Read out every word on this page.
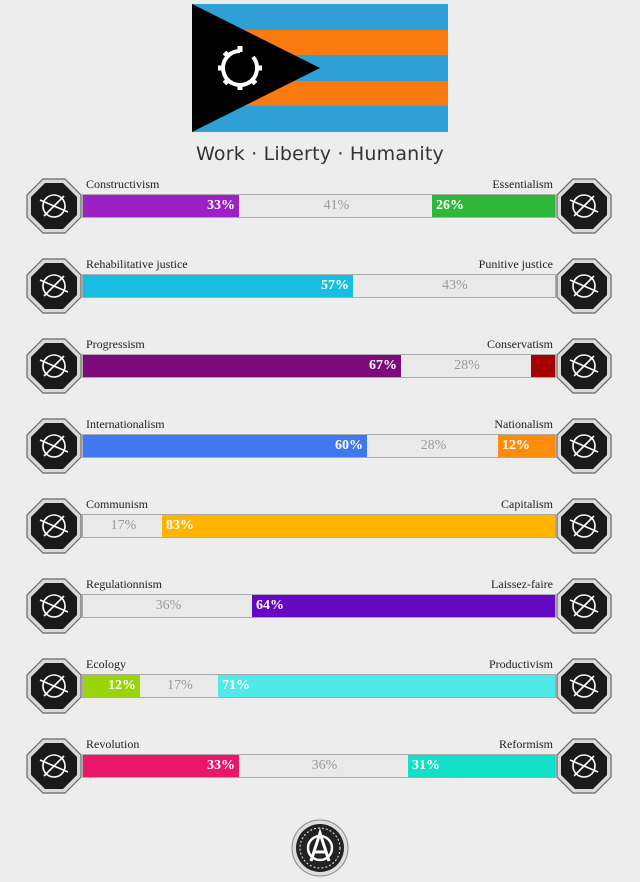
Work · Liberty · Humanity
Constructivism	Essentialism
33%	41%	26%
Rehabilitative justice	Punitive justice
57%	43%
Progressism	Conservatism
67%	28%
Internationalism	Nationalism
60%	28%	12%
Communism	Capitalism
17%	83%
Regulationnism	Laissez-faire
36%	64%
Ecology	Productivism
12%	17%	71%
Revolution	Reformism
33%	36%	31%
